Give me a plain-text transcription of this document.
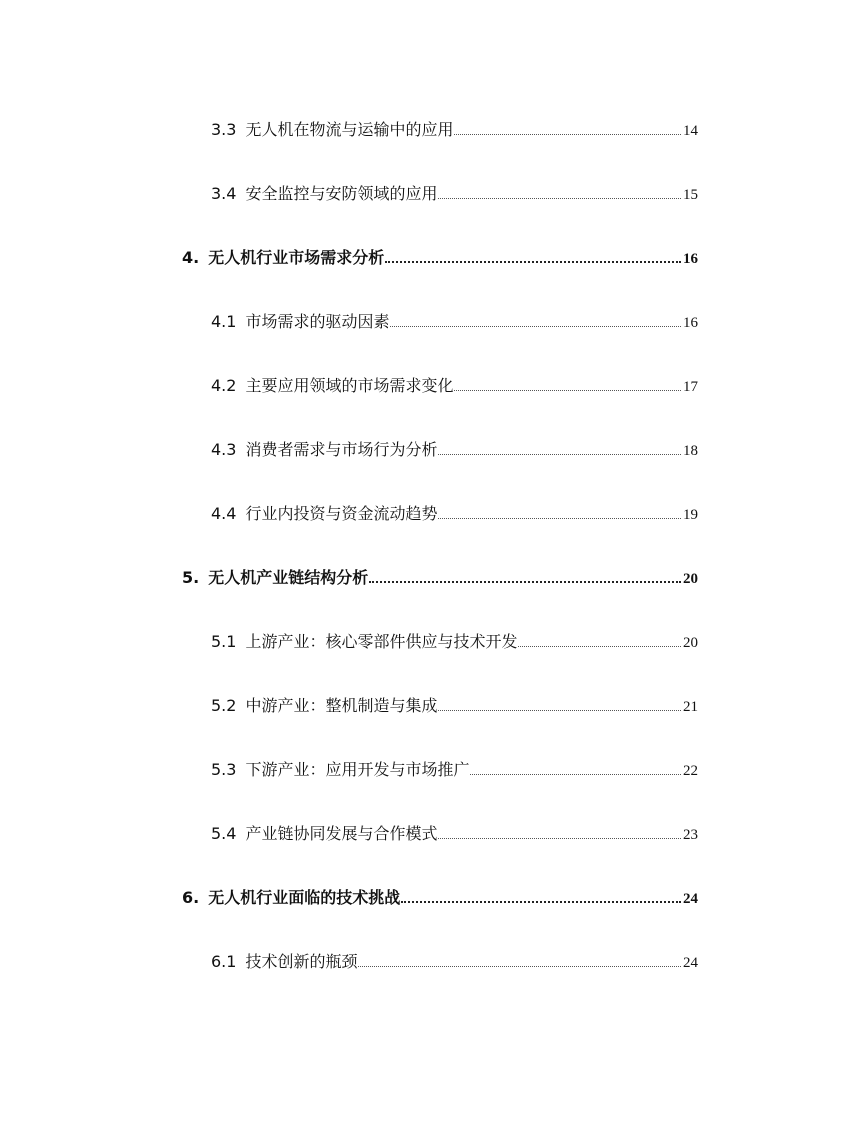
3.3 无人机在物流与运输中的应用	14
3.4 安全监控与安防领域的应用	15
4. 无人机行业市场需求分析	16
4.1 市场需求的驱动因素	16
4.2 主要应用领域的市场需求变化	17
4.3 消费者需求与市场行为分析	18
4.4 行业内投资与资金流动趋势	19
5. 无人机产业链结构分析	20
5.1 上游产业：核心零部件供应与技术开发	20
5.2 中游产业：整机制造与集成	21
5.3 下游产业：应用开发与市场推广	22
5.4 产业链协同发展与合作模式	23
6. 无人机行业面临的技术挑战	24
6.1 技术创新的瓶颈	24
